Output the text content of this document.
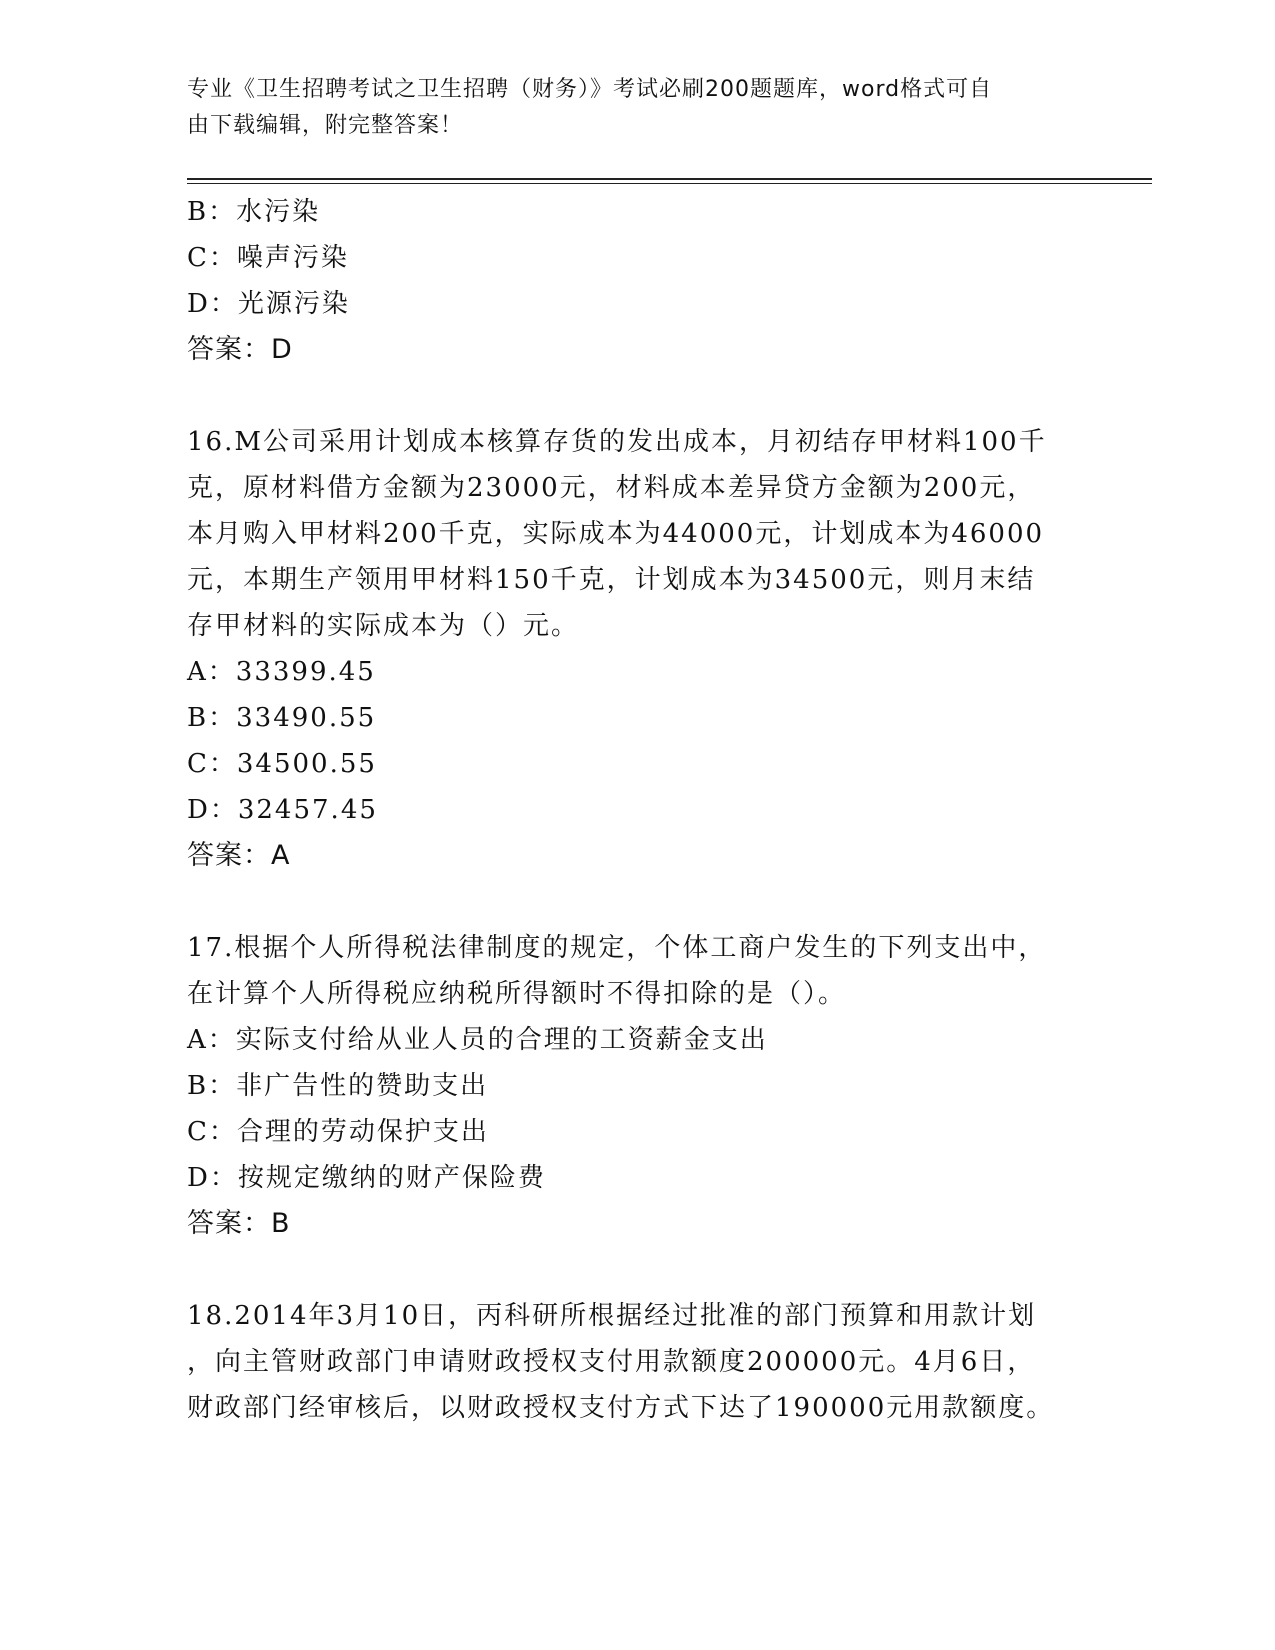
专业《卫生招聘考试之卫生招聘（财务）》考试必刷200题题库，word格式可自
由下载编辑，附完整答案！

B：水污染

C：噪声污染

D：光源污染

答案：D

16.M公司采用计划成本核算存货的发出成本，月初结存甲材料100千

克，原材料借方金额为23000元，材料成本差异贷方金额为200元，

本月购入甲材料200千克，实际成本为44000元，计划成本为46000

元，本期生产领用甲材料150千克，计划成本为34500元，则月末结

存甲材料的实际成本为（）元。

A：33399.45

B：33490.55

C：34500.55

D：32457.45

答案：A

17.根据个人所得税法律制度的规定，个体工商户发生的下列支出中，

在计算个人所得税应纳税所得额时不得扣除的是（）。

A：实际支付给从业人员的合理的工资薪金支出

B：非广告性的赞助支出

C：合理的劳动保护支出

D：按规定缴纳的财产保险费

答案：B

18.2014年3月10日，丙科研所根据经过批准的部门预算和用款计划

，向主管财政部门申请财政授权支付用款额度200000元。4月6日，

财政部门经审核后，以财政授权支付方式下达了190000元用款额度。
